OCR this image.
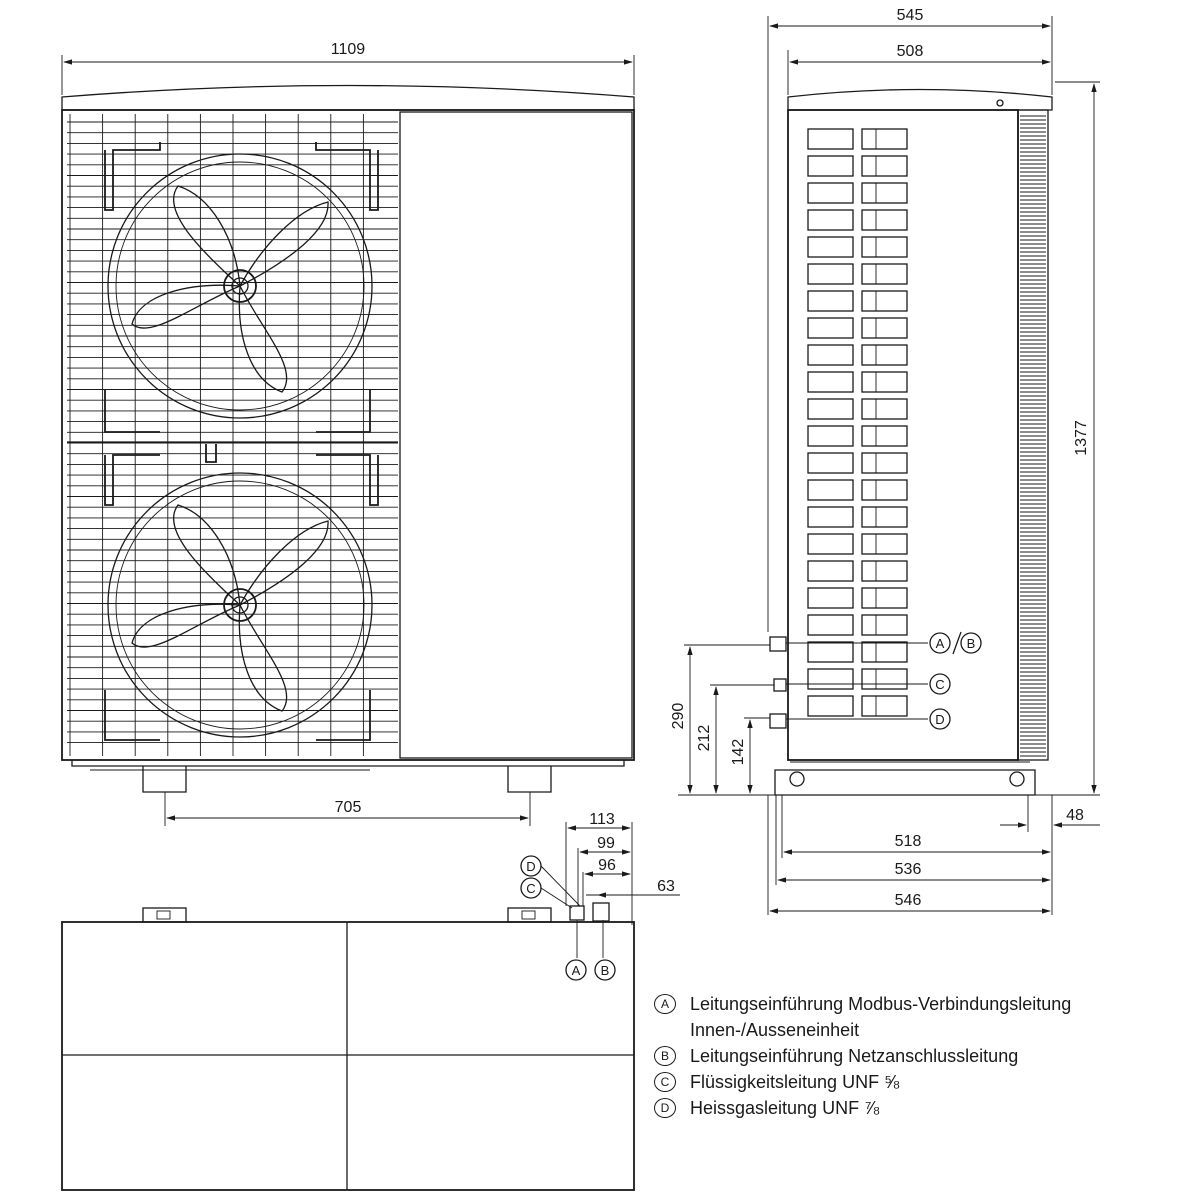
1109
705
545
508
A B
C
D
1377
290
212
142
48
518
536
546
A B
D
C
113
99
96
63
A	Leitungseinführung Modbus-Verbindungsleitung
Innen-/Ausseneinheit
B	Leitungseinführung Netzanschlussleitung
C	Flüssigkeitsleitung UNF ⅝
D	Heissgasleitung UNF ⅞
